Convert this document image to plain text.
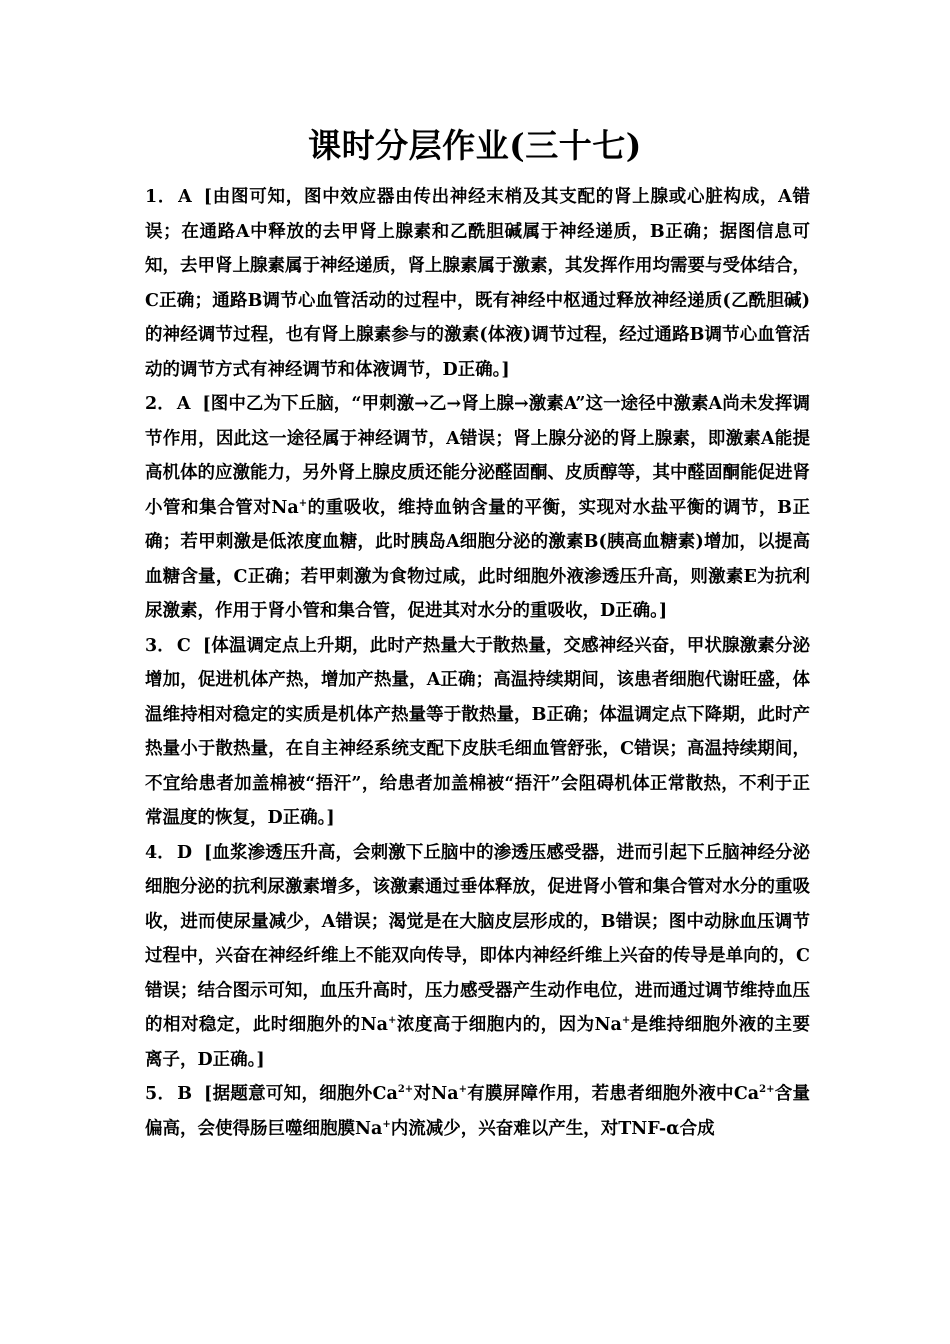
课时分层作业(三十七)

1． A [由图可知，图中效应器由传出神经末梢及其支配的肾上腺或心脏构成，A错误；在通路A中释放的去甲肾上腺素和乙酰胆碱属于神经递质，B正确；据图信息可知，去甲肾上腺素属于神经递质，肾上腺素属于激素，其发挥作用均需要与受体结合，C正确；通路B调节心血管活动的过程中，既有神经中枢通过释放神经递质(乙酰胆碱)的神经调节过程，也有肾上腺素参与的激素(体液)调节过程，经过通路B调节心血管活动的调节方式有神经调节和体液调节，D正确。]

2． A [图中乙为下丘脑，“甲刺激→乙→肾上腺→激素A”这一途径中激素A尚未发挥调节作用，因此这一途径属于神经调节，A错误；肾上腺分泌的肾上腺素，即激素A能提高机体的应激能力，另外肾上腺皮质还能分泌醛固酮、皮质醇等，其中醛固酮能促进肾小管和集合管对Na+的重吸收，维持血钠含量的平衡，实现对水盐平衡的调节，B正确；若甲刺激是低浓度血糖，此时胰岛A细胞分泌的激素B(胰高血糖素)增加，以提高血糖含量，C正确；若甲刺激为食物过咸，此时细胞外液渗透压升高，则激素E为抗利尿激素，作用于肾小管和集合管，促进其对水分的重吸收，D正确。]

3． C [体温调定点上升期，此时产热量大于散热量，交感神经兴奋，甲状腺激素分泌增加，促进机体产热，增加产热量，A正确；高温持续期间，该患者细胞代谢旺盛，体温维持相对稳定的实质是机体产热量等于散热量，B正确；体温调定点下降期，此时产热量小于散热量，在自主神经系统支配下皮肤毛细血管舒张，C错误；高温持续期间，不宜给患者加盖棉被“捂汗”，给患者加盖棉被“捂汗”会阻碍机体正常散热，不利于正常温度的恢复，D正确。]

4． D [血浆渗透压升高，会刺激下丘脑中的渗透压感受器，进而引起下丘脑神经分泌细胞分泌的抗利尿激素增多，该激素通过垂体释放，促进肾小管和集合管对水分的重吸收，进而使尿量减少，A错误；渴觉是在大脑皮层形成的，B错误；图中动脉血压调节过程中，兴奋在神经纤维上不能双向传导，即体内神经纤维上兴奋的传导是单向的，C错误；结合图示可知，血压升高时，压力感受器产生动作电位，进而通过调节维持血压的相对稳定，此时细胞外的Na+浓度高于细胞内的，因为Na+是维持细胞外液的主要离子，D正确。]

5． B [据题意可知，细胞外$Ca^{2+}$对Na+有膜屏障作用，若患者细胞外液中$Ca^{2+}$含量偏高，会使得肠巨噬细胞膜Na+内流减少，兴奋难以产生，对TNF-α合成
